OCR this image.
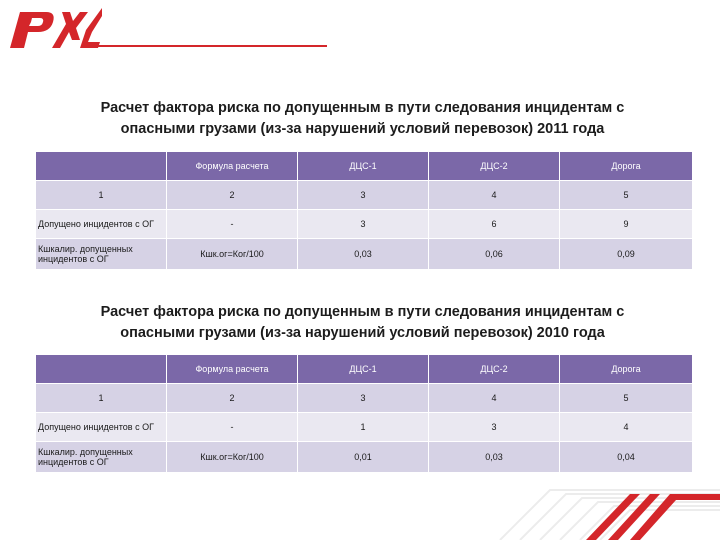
Расчет фактора риска по допущенным в пути следования инцидентам с
опасными грузами (из-за нарушений условий перевозок) 2011 года
	Формула расчета	ДЦС-1	ДЦС-2	Дорога
1	2	3	4	5
Допущено инцидентов с ОГ	-	3	6	9
Кшкалир. допущенных инцидентов с ОГ	Кшк.ог=Ког/100	0,03	0,06	0,09
Расчет фактора риска по допущенным в пути следования инцидентам с
опасными грузами (из-за нарушений условий перевозок) 2010 года
	Формула расчета	ДЦС-1	ДЦС-2	Дорога
1	2	3	4	5
Допущено инцидентов с ОГ	-	1	3	4
Кшкалир. допущенных инцидентов с ОГ	Кшк.ог=Ког/100	0,01	0,03	0,04
